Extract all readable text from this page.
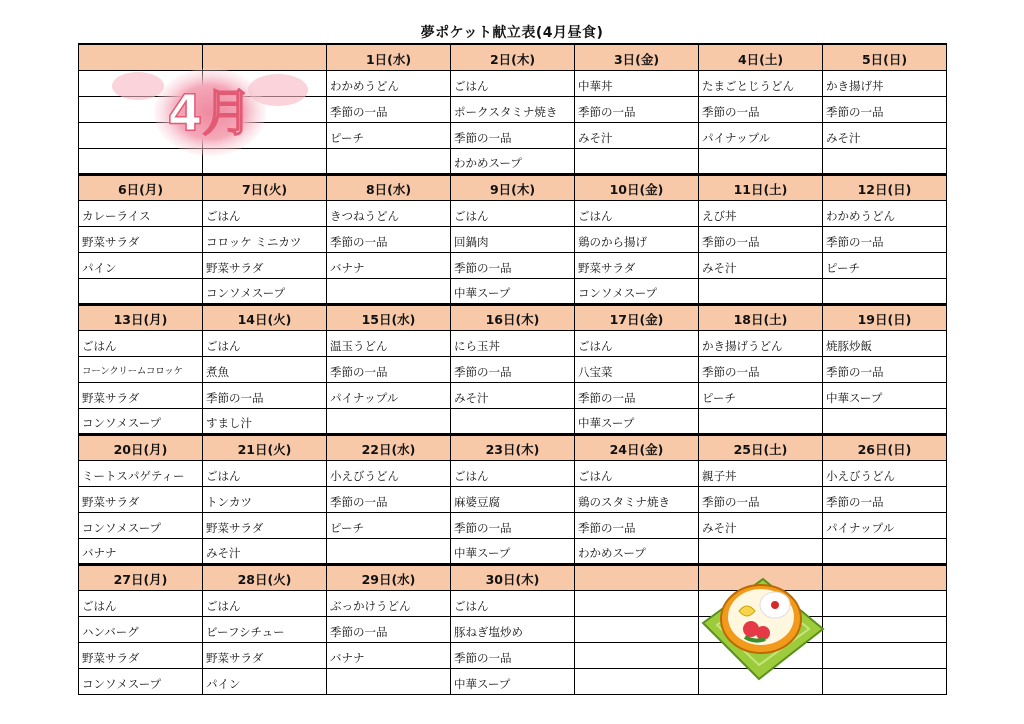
夢ポケット献立表(4月昼食)
		1日(水)	2日(木)	3日(金)	4日(土)	5日(日)
		わかめうどん	ごはん	中華丼	たまごとじうどん	かき揚げ丼
		季節の一品	ポークスタミナ焼き	季節の一品	季節の一品	季節の一品
		ピーチ	季節の一品	みそ汁	パイナップル	みそ汁
			わかめスープ			
6日(月)	7日(火)	8日(水)	9日(木)	10日(金)	11日(土)	12日(日)
カレーライス	ごはん	きつねうどん	ごはん	ごはん	えび丼	わかめうどん
野菜サラダ	コロッケ ミニカツ	季節の一品	回鍋肉	鶏のから揚げ	季節の一品	季節の一品
パイン	野菜サラダ	バナナ	季節の一品	野菜サラダ	みそ汁	ピーチ
	コンソメスープ		中華スープ	コンソメスープ		
13日(月)	14日(火)	15日(水)	16日(木)	17日(金)	18日(土)	19日(日)
ごはん	ごはん	温玉うどん	にら玉丼	ごはん	かき揚げうどん	焼豚炒飯
コーンクリームコロッケ	煮魚	季節の一品	季節の一品	八宝菜	季節の一品	季節の一品
野菜サラダ	季節の一品	パイナップル	みそ汁	季節の一品	ピーチ	中華スープ
コンソメスープ	すまし汁			中華スープ		
20日(月)	21日(火)	22日(水)	23日(木)	24日(金)	25日(土)	26日(日)
ミートスパゲティー	ごはん	小えびうどん	ごはん	ごはん	親子丼	小えびうどん
野菜サラダ	トンカツ	季節の一品	麻婆豆腐	鶏のスタミナ焼き	季節の一品	季節の一品
コンソメスープ	野菜サラダ	ピーチ	季節の一品	季節の一品	みそ汁	パイナップル
バナナ	みそ汁		中華スープ	わかめスープ		
27日(月)	28日(火)	29日(水)	30日(木)			
ごはん	ごはん	ぶっかけうどん	ごはん			
ハンバーグ	ビーフシチュー	季節の一品	豚ねぎ塩炒め			
野菜サラダ	野菜サラダ	バナナ	季節の一品			
コンソメスープ	パイン		中華スープ			
4月
